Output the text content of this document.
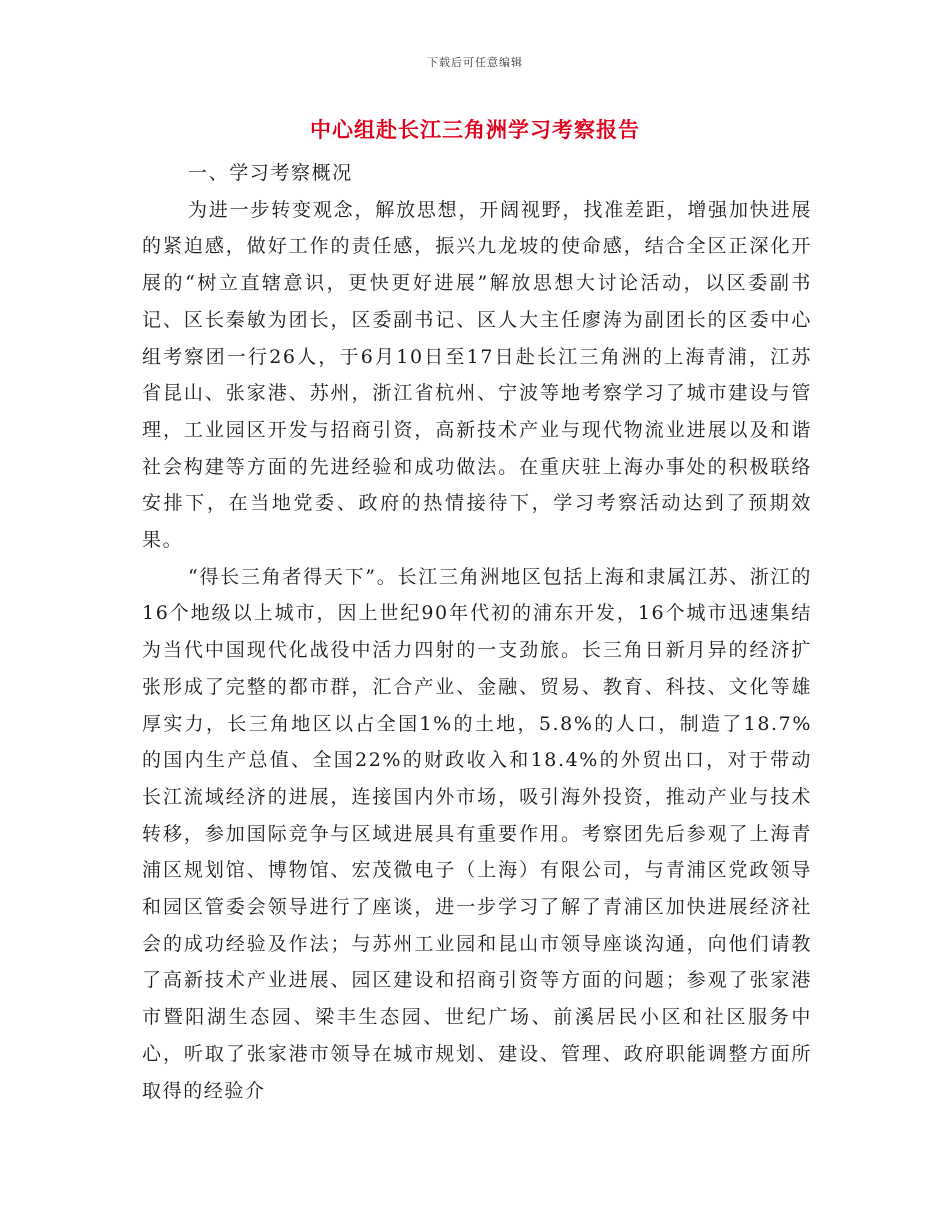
下载后可任意编辑
中心组赴长江三角洲学习考察报告

一、学习考察概况

为进一步转变观念，解放思想，开阔视野，找准差距，增强加快进展的紧迫感，做好工作的责任感，振兴九龙坡的使命感，结合全区正深化开展的“树立直辖意识，更快更好进展”解放思想大讨论活动，以区委副书记、区长秦敏为团长，区委副书记、区人大主任廖涛为副团长的区委中心组考察团一行26人，于6月10日至17日赴长江三角洲的上海青浦，江苏省昆山、张家港、苏州，浙江省杭州、宁波等地考察学习了城市建设与管理，工业园区开发与招商引资，高新技术产业与现代物流业进展以及和谐社会构建等方面的先进经验和成功做法。在重庆驻上海办事处的积极联络安排下，在当地党委、政府的热情接待下，学习考察活动达到了预期效果。

“得长三角者得天下”。长江三角洲地区包括上海和隶属江苏、浙江的16个地级以上城市，因上世纪90年代初的浦东开发，16个城市迅速集结为当代中国现代化战役中活力四射的一支劲旅。长三角日新月异的经济扩张形成了完整的都市群，汇合产业、金融、贸易、教育、科技、文化等雄厚实力，长三角地区以占全国1%的土地，5.8%的人口，制造了18.7%的国内生产总值、全国22%的财政收入和18.4%的外贸出口，对于带动长江流域经济的进展，连接国内外市场，吸引海外投资，推动产业与技术转移，参加国际竞争与区域进展具有重要作用。考察团先后参观了上海青浦区规划馆、博物馆、宏茂微电子（上海）有限公司，与青浦区党政领导和园区管委会领导进行了座谈，进一步学习了解了青浦区加快进展经济社会的成功经验及作法；与苏州工业园和昆山市领导座谈沟通，向他们请教了高新技术产业进展、园区建设和招商引资等方面的问题；参观了张家港市暨阳湖生态园、梁丰生态园、世纪广场、前溪居民小区和社区服务中心，听取了张家港市领导在城市规划、建设、管理、政府职能调整方面所取得的经验介
